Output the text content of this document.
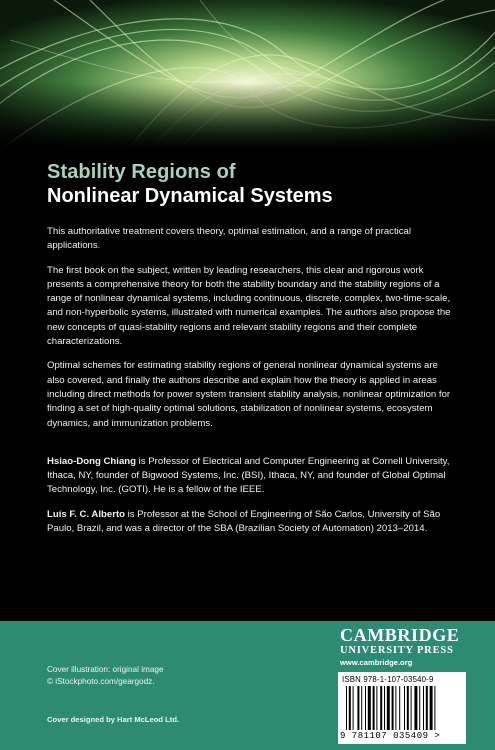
Stability Regions of
Nonlinear Dynamical Systems

This authoritative treatment covers theory, optimal estimation, and a range of practical applications.

The first book on the subject, written by leading researchers, this clear and rigorous work presents a comprehensive theory for both the stability boundary and the stability regions of a range of nonlinear dynamical systems, including continuous, discrete, complex, two-time-scale, and non-hyperbolic systems, illustrated with numerical examples. The authors also propose the new concepts of quasi-stability regions and relevant stability regions and their complete characterizations.

Optimal schemes for estimating stability regions of general nonlinear dynamical systems are also covered, and finally the authors describe and explain how the theory is applied in areas including direct methods for power system transient stability analysis, nonlinear optimization for finding a set of high-quality optimal solutions, stabilization of nonlinear systems, ecosystem dynamics, and immunization problems.

Hsiao-Dong Chiang is Professor of Electrical and Computer Engineering at Cornell University, Ithaca, NY, founder of Bigwood Systems, Inc. (BSI), Ithaca, NY, and founder of Global Optimal Technology, Inc. (GOTI). He is a fellow of the IEEE.

Luís F. C. Alberto is Professor at the School of Engineering of São Carlos, University of São Paulo, Brazil, and was a director of the SBA (Brazilian Society of Automation) 2013–2014.

Cover illustration: original image
© iStockphoto.com/geargodz.
Cover designed by Hart McLeod Ltd.
CAMBRIDGE
UNIVERSITY PRESS
www.cambridge.org
ISBN 978-1-107-03540-9
9 781107 035409 >
